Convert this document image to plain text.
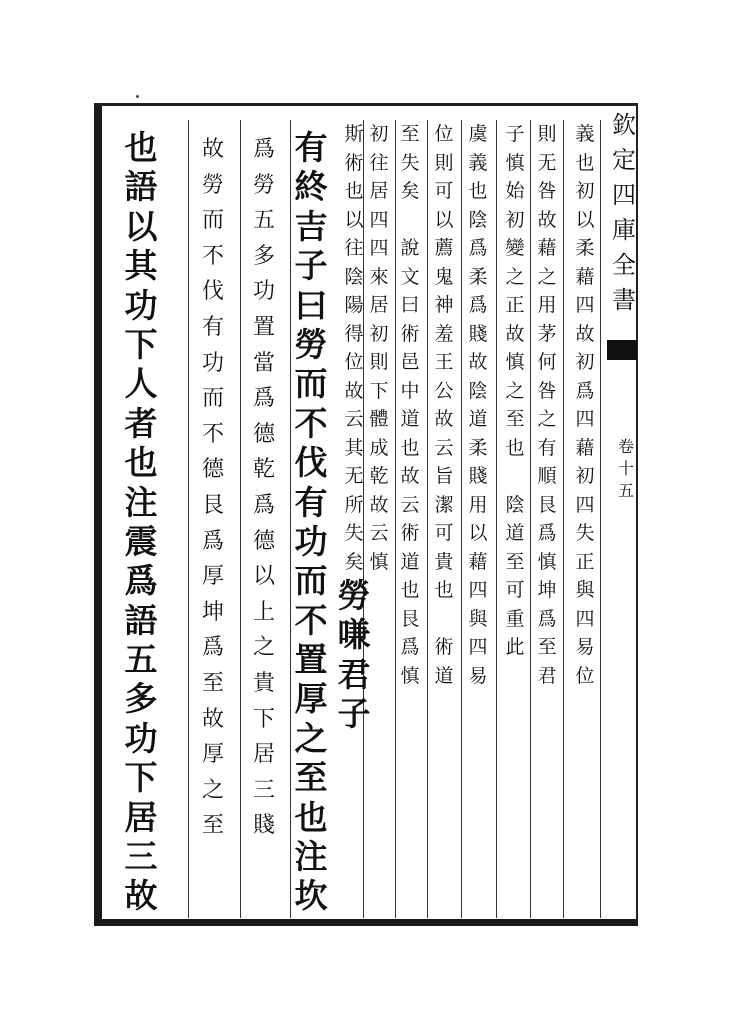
欽
定
四
庫
全
書
卷
十
五
義
也
初
以
柔
藉
四
故
初
爲
四
藉
初
四
失
正
與
四
易
位
則
无
咎
故
藉
之
用
茅
何
咎
之
有
順
艮
爲
慎
坤
爲
至
君
子
慎
始
初
變
之
正
故
慎
之
至
也

陰
道
至
可
重
此
虞
義
也
陰
爲
柔
爲
賤
故
陰
道
柔
賤
用
以
藉
四
與
四
易
位
則
可
以
薦
鬼
神
羞
王
公
故
云
旨
潔
可
貴
也

術
道
至
失
矣

說
文
曰
術
邑
中
道
也
故
云
術
道
也
艮
爲
慎
初
往
居
四
四
來
居
初
則
下
體
成
乾
故
云
慎
斯
術
也
以
往
陰
陽
得
位
故
云
其
无
所
失
矣
勞
嗛
君
子
有
終
吉
子
曰
勞
而
不
伐
有
功
而
不
置
厚
之
至
也
注
坎
爲
勞
五
多
功
置
當
爲
德
乾
爲
德
以
上
之
貴
下
居
三
賤
故
勞
而
不
伐
有
功
而
不
德
艮
爲
厚
坤
爲
至
故
厚
之
至
也
語
以
其
功
下
人
者
也
注
震
爲
語
五
多
功
下
居
三
故
